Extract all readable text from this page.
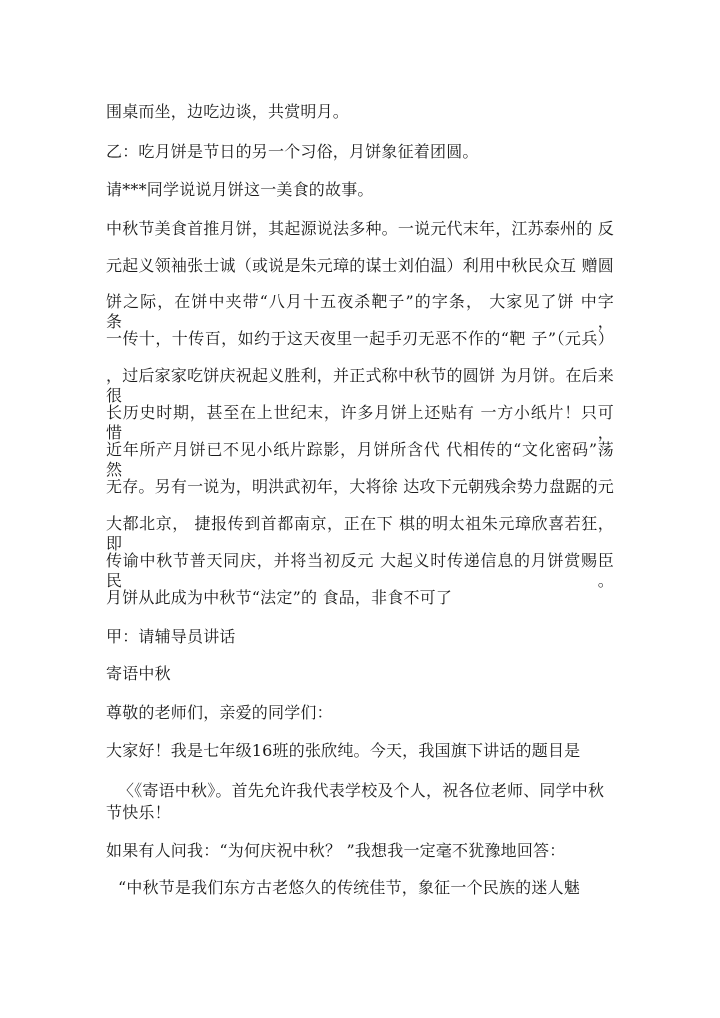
围桌而坐，边吃边谈，共赏明月。
乙：吃月饼是节日的另一个习俗，月饼象征着团圆。
请***同学说说月饼这一美食的故事。
中秋节美食首推月饼，其起源说法多种。一说元代末年，江苏泰州的 反
元起义领袖张士诚（或说是朱元璋的谋士刘伯温）利用中秋民众互 赠圆
饼之际，在饼中夹带“八月十五夜杀靶子”的字条， 大家见了饼 中字条，
一传十，十传百，如约于这天夜里一起手刃无恶不作的“靶 子”（元兵）
，过后家家吃饼庆祝起义胜利，并正式称中秋节的圆饼 为月饼。在后来很
长历史时期，甚至在上世纪末，许多月饼上还贴有 一方小纸片！只可惜，
近年所产月饼已不见小纸片踪影，月饼所含代 代相传的“文化密码”荡然
无存。另有一说为，明洪武初年，大将徐 达攻下元朝残余势力盘踞的元
大都北京， 捷报传到首都南京，正在下 棋的明太祖朱元璋欣喜若狂，即
传谕中秋节普天同庆，并将当初反元 大起义时传递信息的月饼赏赐臣民。
月饼从此成为中秋节“法定”的 食品，非食不可了
甲：请辅导员讲话
寄语中秋
尊敬的老师们，亲爱的同学们：
大家好！我是七年级16班的张欣纯。今天，我国旗下讲话的题目是
〈《寄语中秋》。首先允许我代表学校及个人，祝各位老师、同学中秋
节快乐！
如果有人问我：“为何庆祝中秋？ ”我想我一定毫不犹豫地回答：
“中秋节是我们东方古老悠久的传统佳节，象征一个民族的迷人魅
